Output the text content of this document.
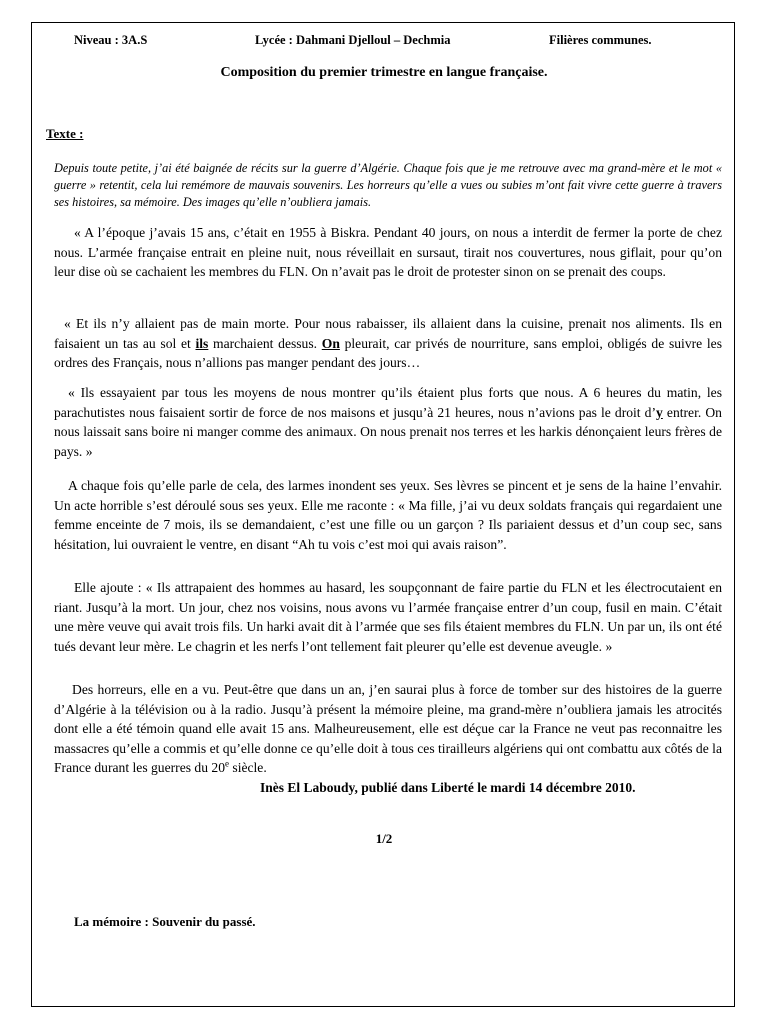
Niveau : 3A.S	Lycée : Dahmani Djelloul – Dechmia	Filières communes.
Composition du premier trimestre en langue française.
Texte :
Depuis toute petite, j’ai été baignée de récits sur la guerre d’Algérie. Chaque fois que je me retrouve avec ma grand-mère et le mot « guerre » retentit, cela lui remémore de mauvais souvenirs. Les horreurs qu’elle a vues ou subies m’ont fait vivre cette guerre à travers ses histoires, sa mémoire. Des images qu’elle n’oubliera jamais.
« A l’époque j’avais 15 ans, c’était en 1955 à Biskra. Pendant 40 jours, on nous a interdit de fermer la porte de chez nous. L’armée française entrait en pleine nuit, nous réveillait en sursaut, tirait nos couvertures, nous giflait, pour qu’on leur dise où se cachaient les membres du FLN. On n’avait pas le droit de protester sinon on se prenait des coups.
« Et ils n’y allaient pas de main morte. Pour nous rabaisser, ils allaient dans la cuisine, prenait nos aliments. Ils en faisaient un tas au sol et ils marchaient dessus. On pleurait, car privés de nourriture, sans emploi, obligés de suivre les ordres des Français, nous n’allions pas manger pendant des jours…
« Ils essayaient par tous les moyens de nous montrer qu’ils étaient plus forts que nous. A 6 heures du matin, les parachutistes nous faisaient sortir de force de nos maisons et jusqu’à 21 heures, nous n’avions pas le droit d’y entrer. On nous laissait sans boire ni manger comme des animaux. On nous prenait nos terres et les harkis dénonçaient leurs frères de pays. »
A chaque fois qu’elle parle de cela, des larmes inondent ses yeux. Ses lèvres se pincent et je sens de la haine l’envahir. Un acte horrible s’est déroulé sous ses yeux. Elle me raconte : « Ma fille, j’ai vu deux soldats français qui regardaient une femme enceinte de 7 mois, ils se demandaient, c’est une fille ou un garçon ? Ils pariaient dessus et d’un coup sec, sans hésitation, lui ouvraient le ventre, en disant “Ah tu vois c’est moi qui avais raison”.
Elle ajoute : « Ils attrapaient des hommes au hasard, les soupçonnant de faire partie du FLN et les électrocutaient en riant. Jusqu’à la mort. Un jour, chez nos voisins, nous avons vu l’armée française entrer d’un coup, fusil en main. C’était une mère veuve qui avait trois fils. Un harki avait dit à l’armée que ses fils étaient membres du FLN. Un par un, ils ont été tués devant leur mère. Le chagrin et les nerfs l’ont tellement fait pleurer qu’elle est devenue aveugle. »
Des horreurs, elle en a vu. Peut-être que dans un an, j’en saurai plus à force de tomber sur des histoires de la guerre d’Algérie à la télévision ou à la radio. Jusqu’à présent la mémoire pleine, ma grand-mère n’oubliera jamais les atrocités dont elle a été témoin quand elle avait 15 ans. Malheureusement, elle est déçue car la France ne veut pas reconnaitre les massacres qu’elle a commis et qu’elle donne ce qu’elle doit à tous ces tirailleurs algériens qui ont combattu aux côtés de la France durant les guerres du 20e siècle.
Inès El Laboudy, publié dans Liberté le mardi 14 décembre 2010.
1/2
La mémoire : Souvenir du passé.
